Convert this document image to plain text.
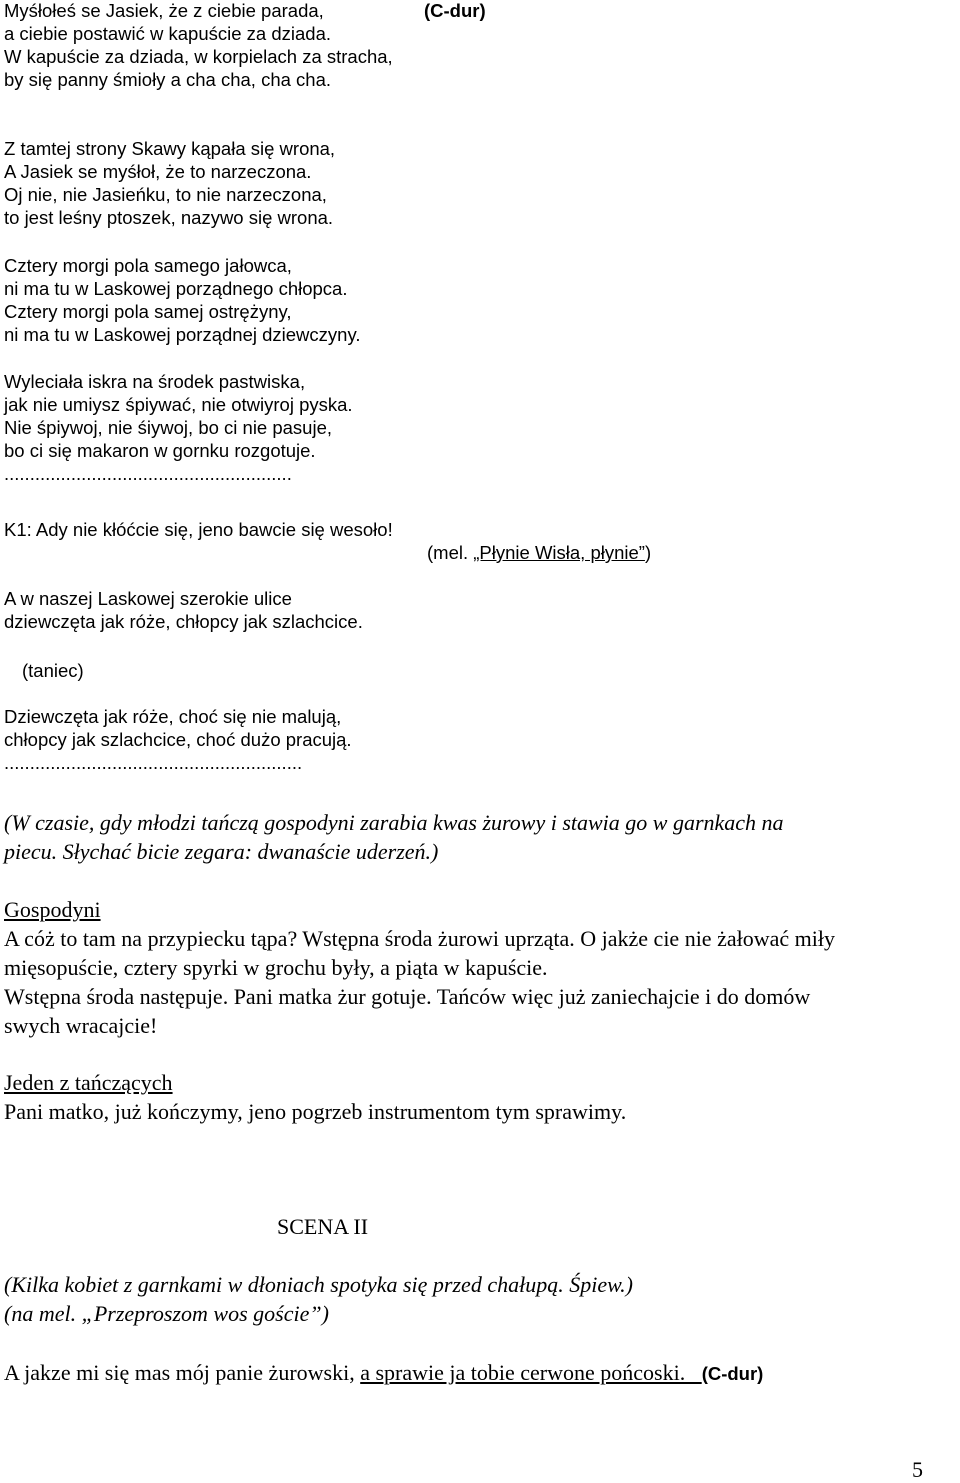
Myśłołeś se Jasiek, że z ciebie parada,	(C-dur)
a ciebie postawić w kapuście za dziada.
W kapuście za dziada, w korpielach za stracha,
by się panny śmioły a cha cha, cha cha.
Z tamtej strony Skawy kąpała się wrona,
A Jasiek se myśłoł, że to narzeczona.
Oj nie, nie Jasieńku, to nie narzeczona,
to jest leśny ptoszek, nazywo się wrona.
Cztery morgi pola samego jałowca,
ni ma tu w Laskowej porządnego chłopca.
Cztery morgi pola samej ostrężyny,
ni ma tu w Laskowej porządnej dziewczyny.
Wyleciała iskra na środek pastwiska,
jak nie umiysz śpiywać, nie otwiyroj pyska.
Nie śpiywoj, nie śiywoj, bo ci nie pasuje,
bo ci się makaron w gornku rozgotuje.
........................................................
K1: Ady nie kłóćcie się, jeno bawcie się wesoło!
(mel. „Płynie Wisła, płynie”)
A w naszej Laskowej szerokie ulice
dziewczęta jak róże, chłopcy jak szlachcice.
(taniec)
Dziewczęta jak róże, choć się nie malują,
chłopcy jak szlachcice, choć dużo pracują.
..........................................................
(W czasie, gdy młodzi tańczą gospodyni zarabia kwas żurowy i stawia go w garnkach na
piecu. Słychać bicie zegara: dwanaście uderzeń.)
Gospodyni
A cóż to tam na przypiecku tąpa? Wstępna środa żurowi uprząta. O jakże cie nie żałować miły
mięsopuście, cztery spyrki w grochu były, a piąta w kapuście.
Wstępna środa następuje. Pani matka żur gotuje. Tańców więc już zaniechajcie i do domów
swych wracajcie!
Jeden z tańczących
Pani matko, już kończymy, jeno pogrzeb instrumentom tym sprawimy.
SCENA II
(Kilka kobiet z garnkami w dłoniach spotyka się przed chałupą. Śpiew.)
(na mel. „Przeproszom wos goście”)
A jakze mi się mas mój panie żurowski, a sprawie ja tobie cerwone pońcoski.   (C-dur)
5
